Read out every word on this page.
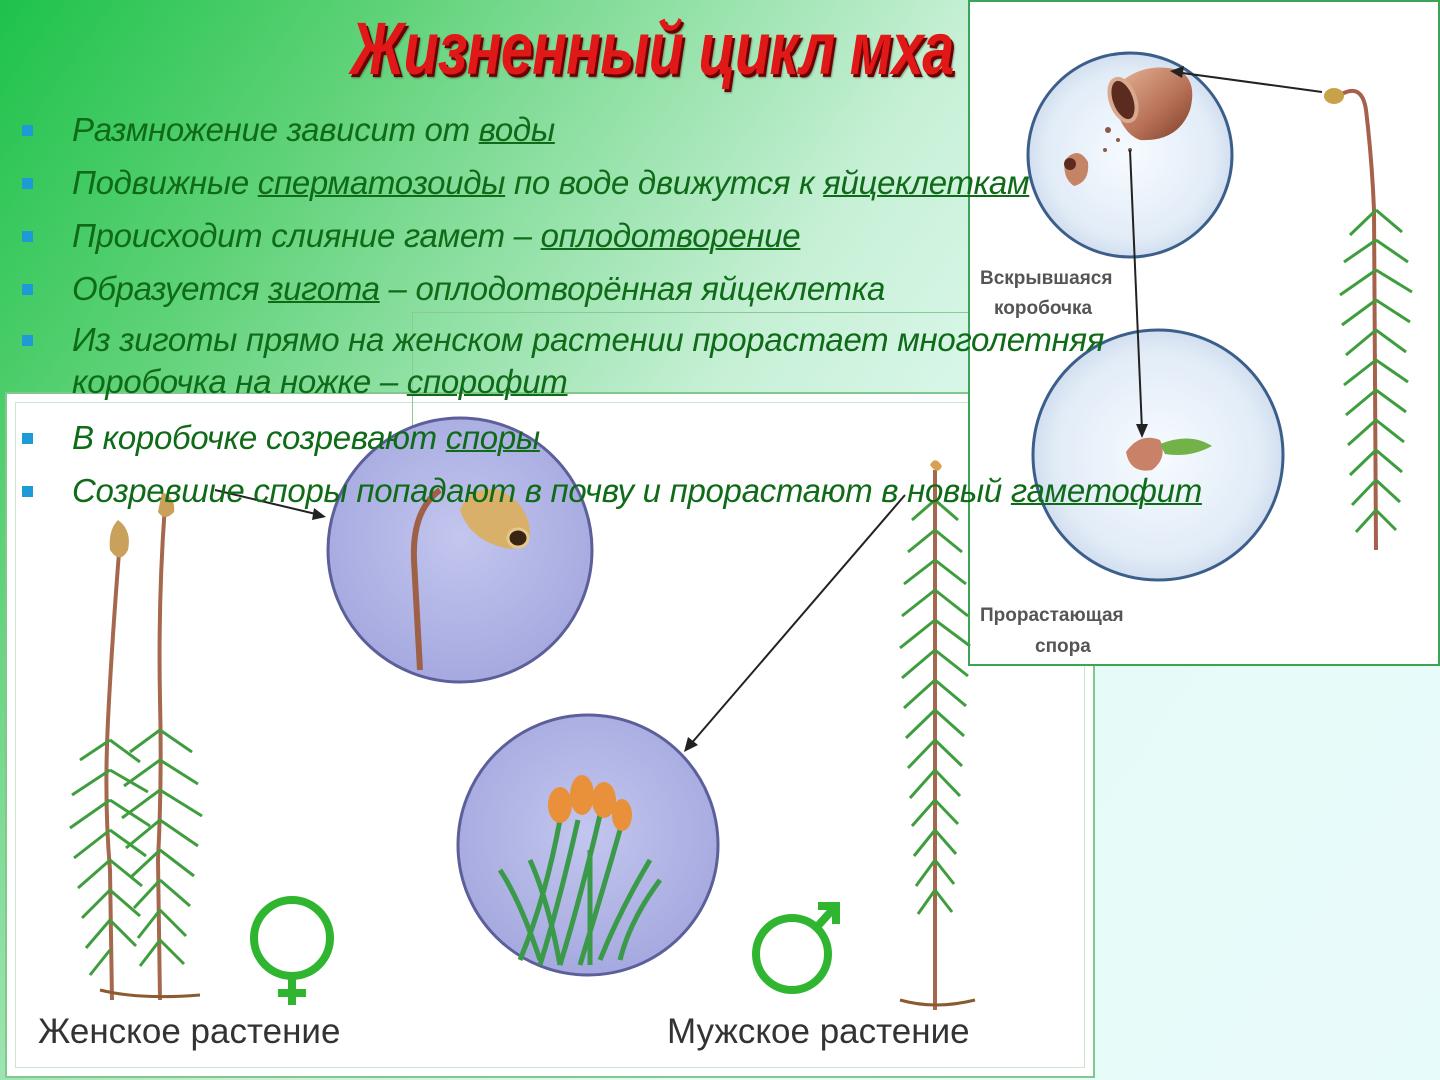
Жизненный цикл мха
Размножение зависит от воды
Подвижные сперматозоиды по воде движутся к яйцеклеткам
Происходит слияние гамет – оплодотворение
Образуется зигота – оплодотворённая яйцеклетка
Из зиготы прямо на женском растении прорастает многолетняя
коробочка на ножке – спорофит
В коробочке созревают споры
Созревшие споры попадают в почву и прорастают в новый гаметофит
Женское растение	Мужское растение
Вскрывшаяся
коробочка
Прорастающая
спора
